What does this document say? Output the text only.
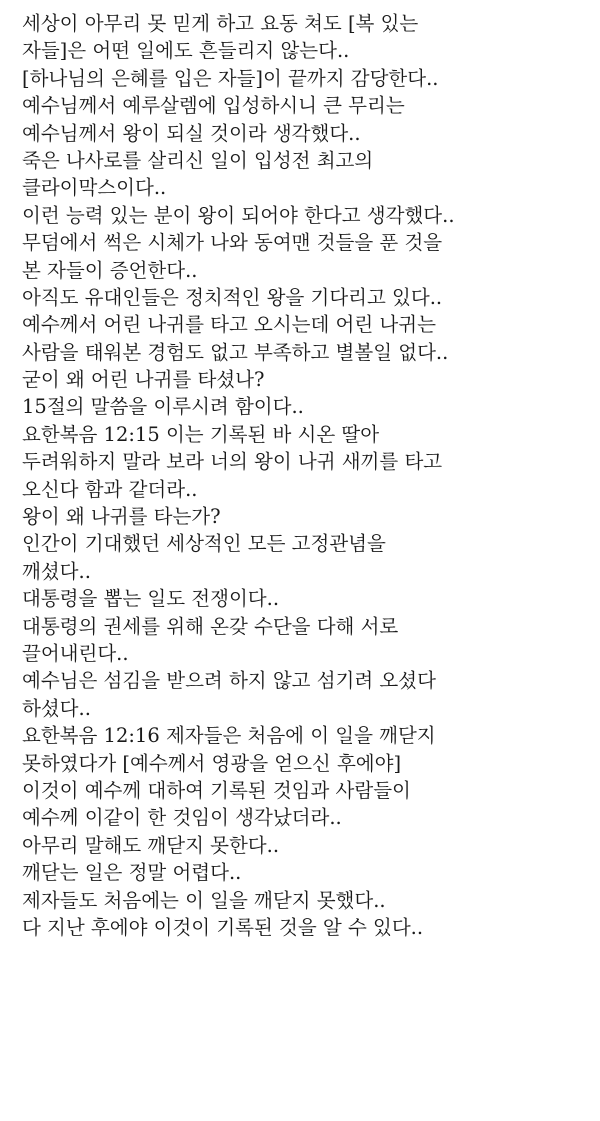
세상이 아무리 못 믿게 하고 요동 쳐도 [복 있는
자들]은 어떤 일에도 흔들리지 않는다..
[하나님의 은혜를 입은 자들]이 끝까지 감당한다..
예수님께서 예루살렘에 입성하시니 큰 무리는
예수님께서 왕이 되실 것이라 생각했다..
죽은 나사로를 살리신 일이 입성전 최고의
클라이막스이다..
이런 능력 있는 분이 왕이 되어야 한다고 생각했다..
무덤에서 썩은 시체가 나와 동여맨 것들을 푼 것을
본 자들이 증언한다..
아직도 유대인들은 정치적인 왕을 기다리고 있다..
예수께서 어린 나귀를 타고 오시는데 어린 나귀는
사람을 태워본 경험도 없고 부족하고 별볼일 없다..
굳이 왜 어린 나귀를 타셨나?
15절의 말씀을 이루시려 함이다..
요한복음 12:15 이는 기록된 바 시온 딸아
두려워하지 말라 보라 너의 왕이 나귀 새끼를 타고
오신다 함과 같더라..
왕이 왜 나귀를 타는가?
인간이 기대했던 세상적인 모든 고정관념을
깨셨다..
대통령을 뽑는 일도 전쟁이다..
대통령의 권세를 위해 온갖 수단을 다해 서로
끌어내린다..
예수님은 섬김을 받으려 하지 않고 섬기려 오셨다
하셨다..
요한복음 12:16 제자들은 처음에 이 일을 깨닫지
못하였다가 [예수께서 영광을 얻으신 후에야]
이것이 예수께 대하여 기록된 것임과 사람들이
예수께 이같이 한 것임이 생각났더라..
아무리 말해도 깨닫지 못한다..
깨닫는 일은 정말 어렵다..
제자들도 처음에는 이 일을 깨닫지 못했다..
다 지난 후에야 이것이 기록된 것을 알 수 있다..
